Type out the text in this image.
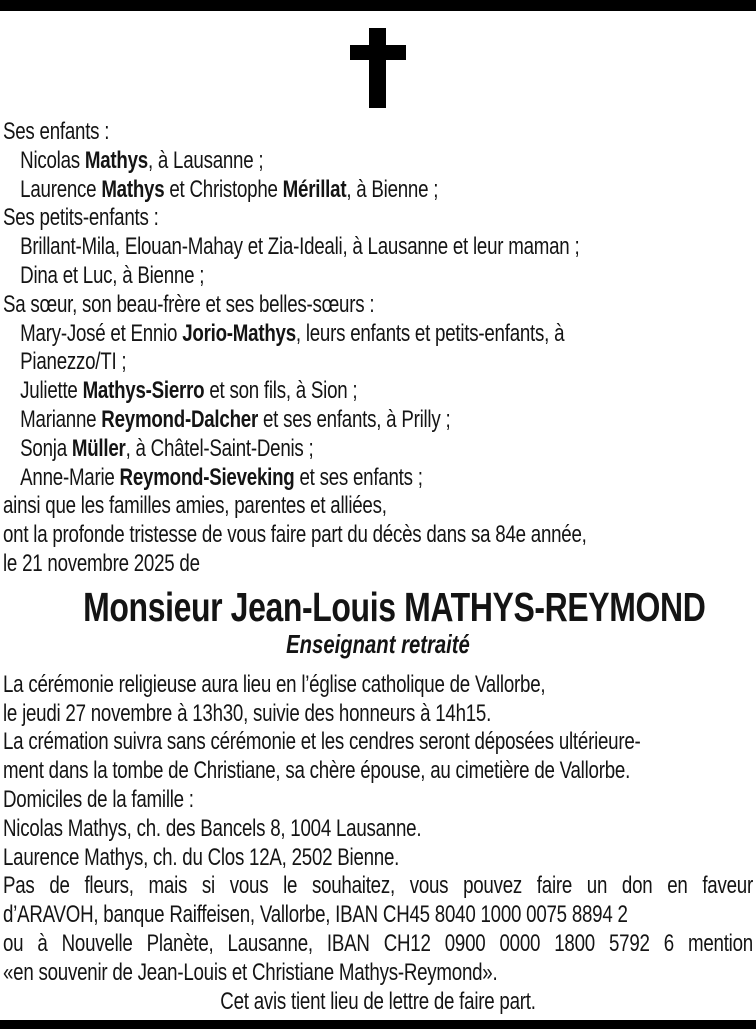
Ses enfants :
Nicolas Mathys, à Lausanne ;
Laurence Mathys et Christophe Mérillat, à Bienne ;
Ses petits-enfants :
Brillant-Mila, Elouan-Mahay et Zia-Ideali, à Lausanne et leur maman ;
Dina et Luc, à Bienne ;
Sa sœur, son beau-frère et ses belles-sœurs :
Mary-José et Ennio Jorio-Mathys, leurs enfants et petits-enfants, à
Pianezzo/TI ;
Juliette Mathys-Sierro et son fils, à Sion ;
Marianne Reymond-Dalcher et ses enfants, à Prilly ;
Sonja Müller, à Châtel-Saint-Denis ;
Anne-Marie Reymond-Sieveking et ses enfants ;
ainsi que les familles amies, parentes et alliées,
ont la profonde tristesse de vous faire part du décès dans sa 84e année,
le 21 novembre 2025 de
Monsieur Jean-Louis MATHYS-REYMOND
Enseignant retraité
La cérémonie religieuse aura lieu en l’église catholique de Vallorbe,
le jeudi 27 novembre à 13h30, suivie des honneurs à 14h15.
La crémation suivra sans cérémonie et les cendres seront déposées ultérieure-
ment dans la tombe de Christiane, sa chère épouse, au cimetière de Vallorbe.
Domiciles de la famille :
Nicolas Mathys, ch. des Bancels 8, 1004 Lausanne.
Laurence Mathys, ch. du Clos 12A, 2502 Bienne.
Pas de fleurs, mais si vous le souhaitez, vous pouvez faire un don en faveur
d’ARAVOH, banque Raiffeisen, Vallorbe, IBAN CH45 8040 1000 0075 8894 2
ou à Nouvelle Planète, Lausanne, IBAN CH12 0900 0000 1800 5792 6 mention
«en souvenir de Jean-Louis et Christiane Mathys-Reymond».
Cet avis tient lieu de lettre de faire part.
